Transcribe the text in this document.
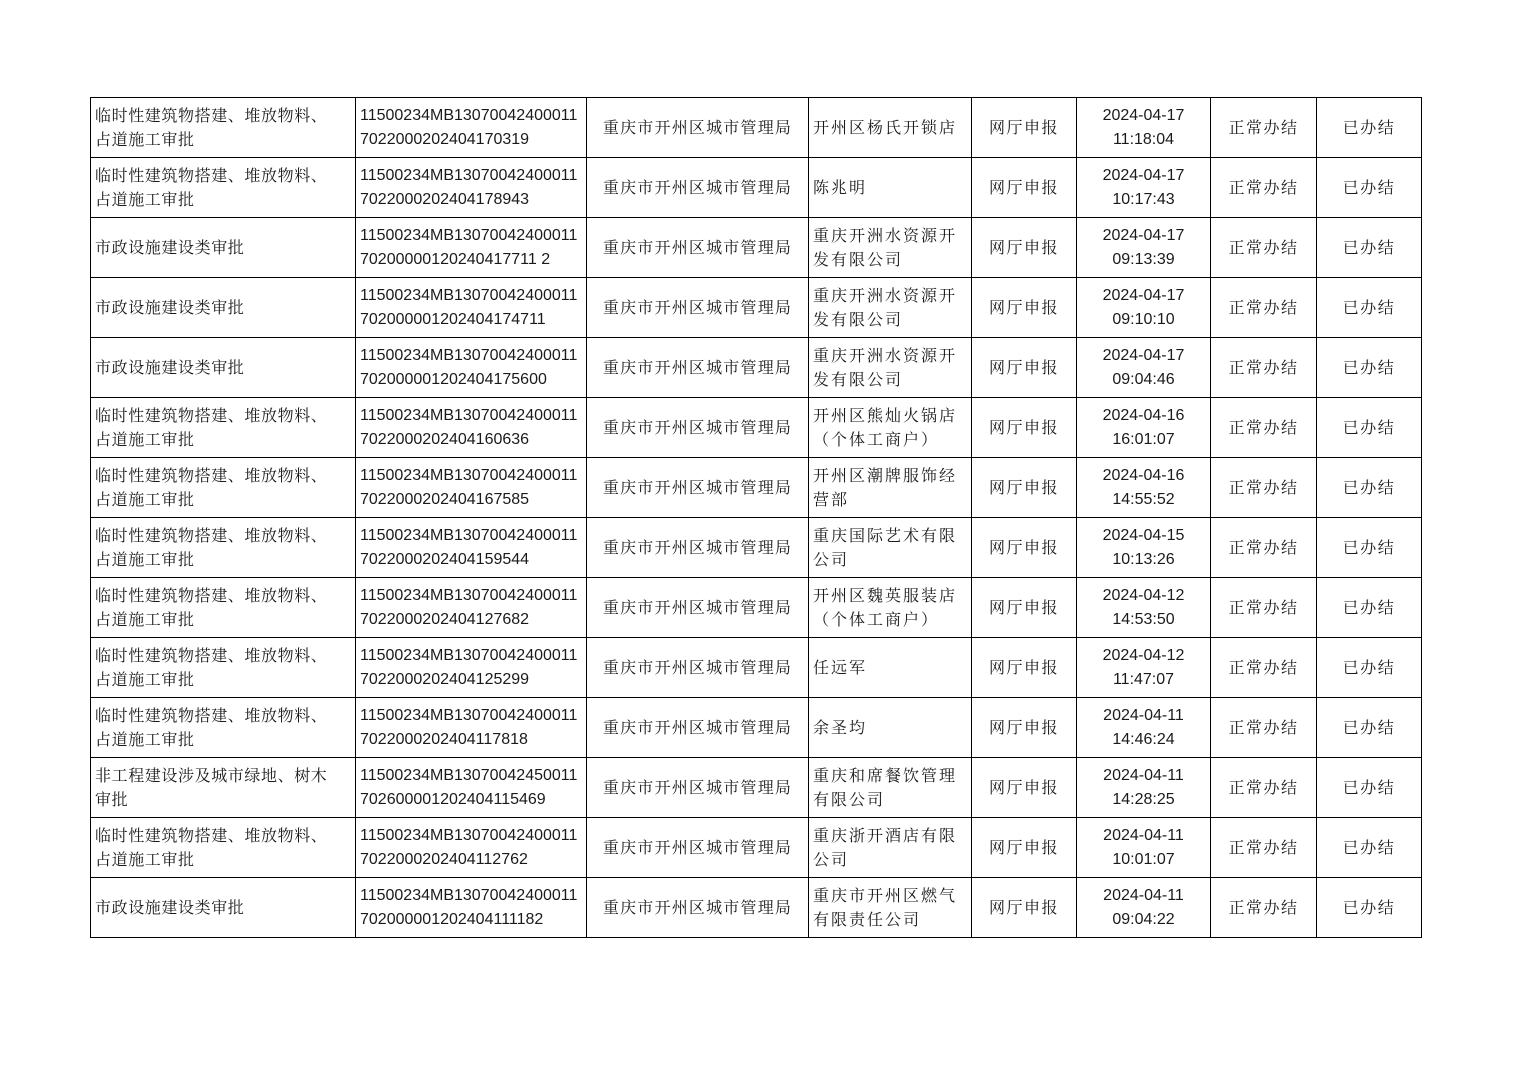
临时性建筑物搭建、堆放物料、
占道施工审批	11500234MB13070042400011
7022000202404170319	重庆市开州区城市管理局	开州区杨氏开锁店	网厅申报	2024-04-17
11:18:04	正常办结	已办结

临时性建筑物搭建、堆放物料、
占道施工审批	11500234MB13070042400011
7022000202404178943	重庆市开州区城市管理局	陈兆明	网厅申报	2024-04-17
10:17:43	正常办结	已办结

市政设施建设类审批	11500234MB13070042400011
70200000120240417711 2	重庆市开州区城市管理局	重庆开洲水资源开
发有限公司	网厅申报	2024-04-17
09:13:39	正常办结	已办结

市政设施建设类审批	11500234MB13070042400011
702000001202404174711	重庆市开州区城市管理局	重庆开洲水资源开
发有限公司	网厅申报	2024-04-17
09:10:10	正常办结	已办结

市政设施建设类审批	11500234MB13070042400011
702000001202404175600	重庆市开州区城市管理局	重庆开洲水资源开
发有限公司	网厅申报	2024-04-17
09:04:46	正常办结	已办结

临时性建筑物搭建、堆放物料、
占道施工审批	11500234MB13070042400011
7022000202404160636	重庆市开州区城市管理局	开州区熊灿火锅店
（个体工商户）	网厅申报	2024-04-16
16:01:07	正常办结	已办结

临时性建筑物搭建、堆放物料、
占道施工审批	11500234MB13070042400011
7022000202404167585	重庆市开州区城市管理局	开州区潮牌服饰经
营部	网厅申报	2024-04-16
14:55:52	正常办结	已办结

临时性建筑物搭建、堆放物料、
占道施工审批	11500234MB13070042400011
7022000202404159544	重庆市开州区城市管理局	重庆国际艺术有限
公司	网厅申报	2024-04-15
10:13:26	正常办结	已办结

临时性建筑物搭建、堆放物料、
占道施工审批	11500234MB13070042400011
7022000202404127682	重庆市开州区城市管理局	开州区魏英服装店
（个体工商户）	网厅申报	2024-04-12
14:53:50	正常办结	已办结

临时性建筑物搭建、堆放物料、
占道施工审批	11500234MB13070042400011
7022000202404125299	重庆市开州区城市管理局	任远军	网厅申报	2024-04-12
11:47:07	正常办结	已办结

临时性建筑物搭建、堆放物料、
占道施工审批	11500234MB13070042400011
7022000202404117818	重庆市开州区城市管理局	余圣均	网厅申报	2024-04-11
14:46:24	正常办结	已办结

非工程建设涉及城市绿地、树木
审批	11500234MB13070042450011
702600001202404115469	重庆市开州区城市管理局	重庆和席餐饮管理
有限公司	网厅申报	2024-04-11
14:28:25	正常办结	已办结

临时性建筑物搭建、堆放物料、
占道施工审批	11500234MB13070042400011
7022000202404112762	重庆市开州区城市管理局	重庆浙开酒店有限
公司	网厅申报	2024-04-11
10:01:07	正常办结	已办结

市政设施建设类审批	11500234MB13070042400011
702000001202404111182	重庆市开州区城市管理局	重庆市开州区燃气
有限责任公司	网厅申报	2024-04-11
09:04:22	正常办结	已办结
